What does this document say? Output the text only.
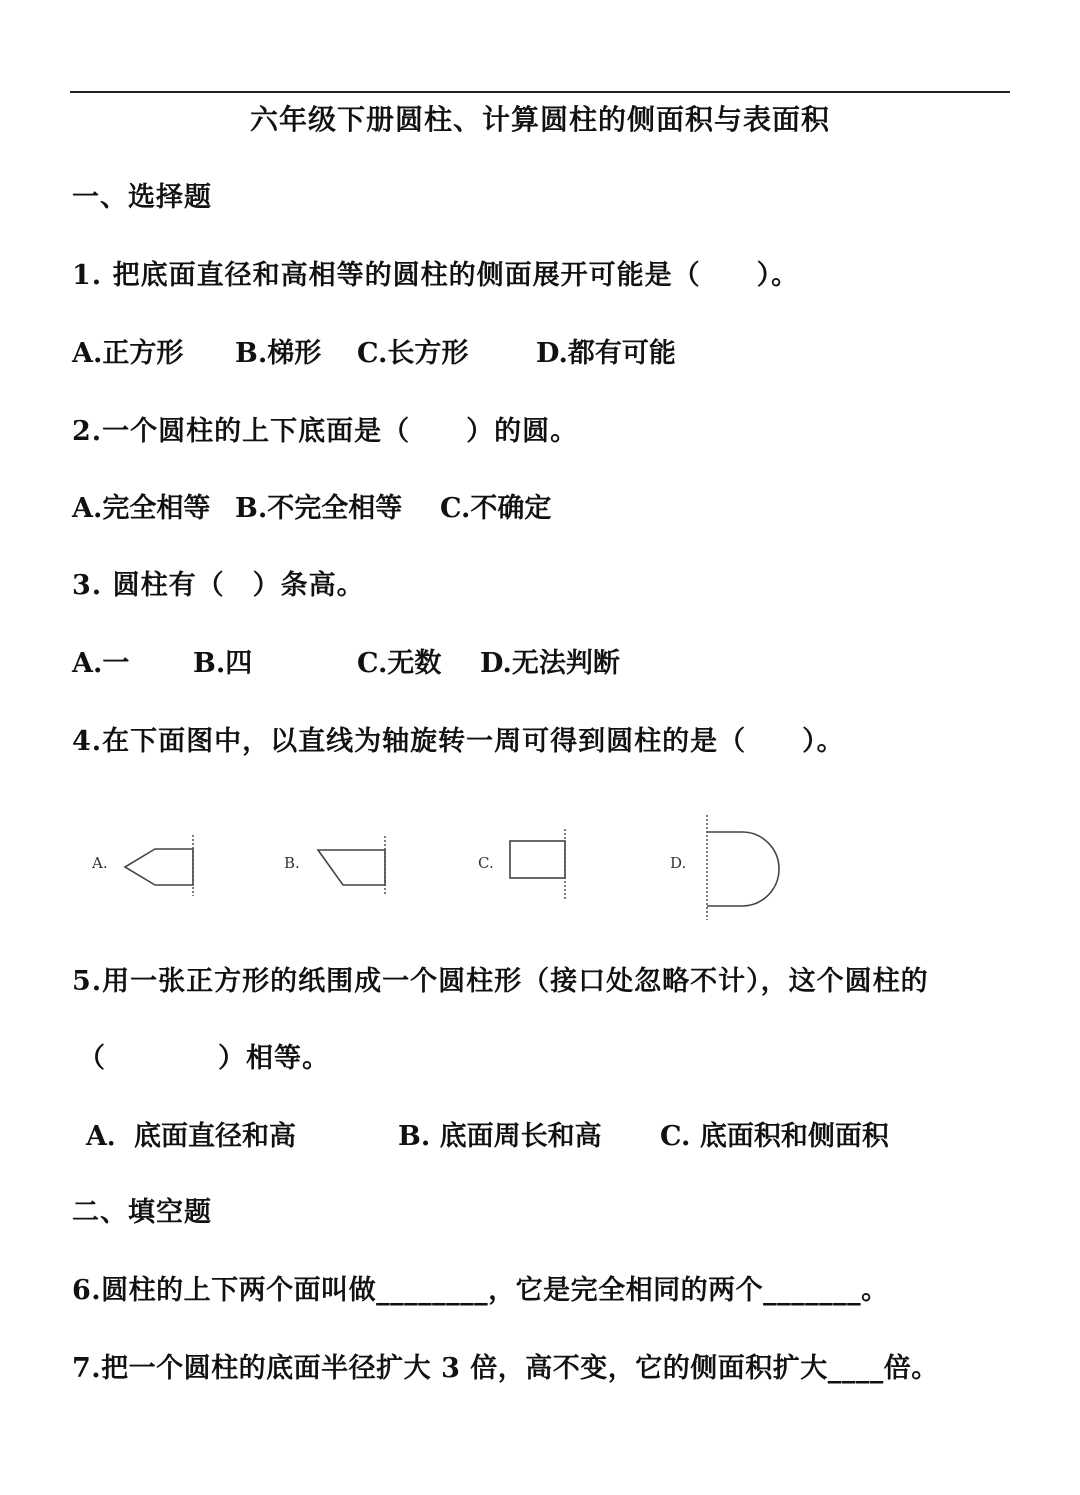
六年级下册圆柱、计算圆柱的侧面积与表面积
一、选择题
1. 把底面直径和高相等的圆柱的侧面展开可能是（　　）。
A.正方形 B.梯形 C.长方形	D.都有可能
2.一个圆柱的上下底面是（　　）的圆。
A.完全相等 B.不完全相等 C.不确定
3. 圆柱有（　）条高。
A.一 B.四	C.无数 D.无法判断
4.在下面图中，以直线为轴旋转一周可得到圆柱的是（　　）。
A.	B.	C.	D.
5.用一张正方形的纸围成一个圆柱形（接口处忽略不计），这个圆柱的
（　　　　）相等。
A．底面直径和高	B. 底面周长和高 C. 底面积和侧面积
二、填空题
6.圆柱的上下两个面叫做________，它是完全相同的两个_______。
7.把一个圆柱的底面半径扩大 3 倍，高不变，它的侧面积扩大____倍。
